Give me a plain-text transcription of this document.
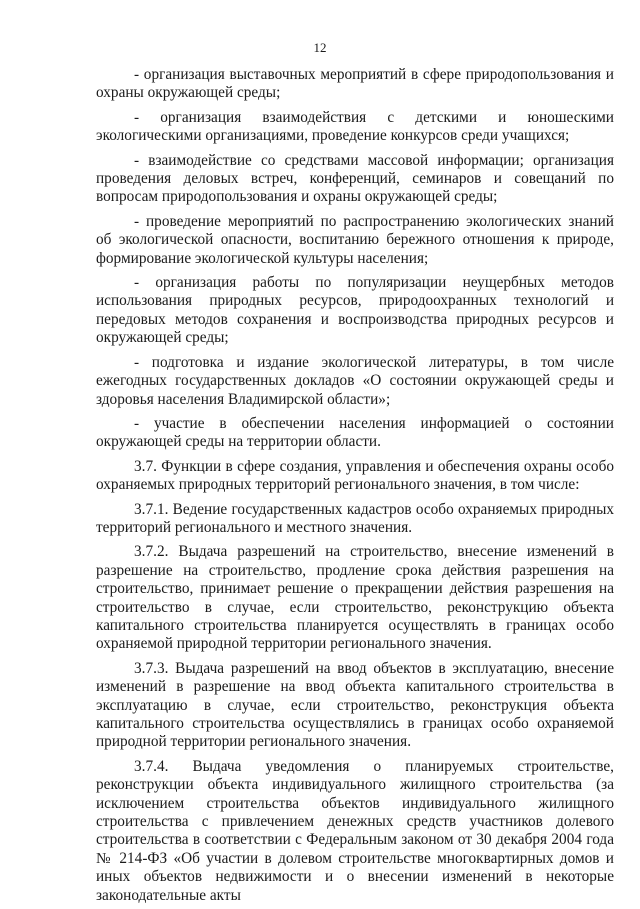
12

- организация выставочных мероприятий в сфере природопользования и охраны окружающей среды;

- организация взаимодействия с детскими и юношескими экологическими организациями, проведение конкурсов среди учащихся;

- взаимодействие со средствами массовой информации; организация проведения деловых встреч, конференций, семинаров и совещаний по вопросам природопользования и охраны окружающей среды;

- проведение мероприятий по распространению экологических знаний об экологической опасности, воспитанию бережного отношения к природе, формирование экологической культуры населения;

- организация работы по популяризации неущербных методов использования природных ресурсов, природоохранных технологий и передовых методов сохранения и воспроизводства природных ресурсов и окружающей среды;

- подготовка и издание экологической литературы, в том числе ежегодных государственных докладов «О состоянии окружающей среды и здоровья населения Владимирской области»;

- участие в обеспечении населения информацией о состоянии окружающей среды на территории области.

3.7. Функции в сфере создания, управления и обеспечения охраны особо охраняемых природных территорий регионального значения, в том числе:

3.7.1. Ведение государственных кадастров особо охраняемых природных территорий регионального и местного значения.

3.7.2. Выдача разрешений на строительство, внесение изменений в разрешение на строительство, продление срока действия разрешения на строительство, принимает решение о прекращении действия разрешения на строительство в случае, если строительство, реконструкцию объекта капитального строительства планируется осуществлять в границах особо охраняемой природной территории регионального значения.

3.7.3. Выдача разрешений на ввод объектов в эксплуатацию, внесение изменений в разрешение на ввод объекта капитального строительства в эксплуатацию в случае, если строительство, реконструкция объекта капитального строительства осуществлялись в границах особо охраняемой природной территории регионального значения.

3.7.4. Выдача уведомления о планируемых строительстве, реконструкции объекта индивидуального жилищного строительства (за исключением строительства объектов индивидуального жилищного строительства с привлечением денежных средств участников долевого строительства в соответствии с Федеральным законом от 30 декабря 2004 года № 214-ФЗ «Об участии в долевом строительстве многоквартирных домов и иных объектов недвижимости и о внесении изменений в некоторые законодательные акты
